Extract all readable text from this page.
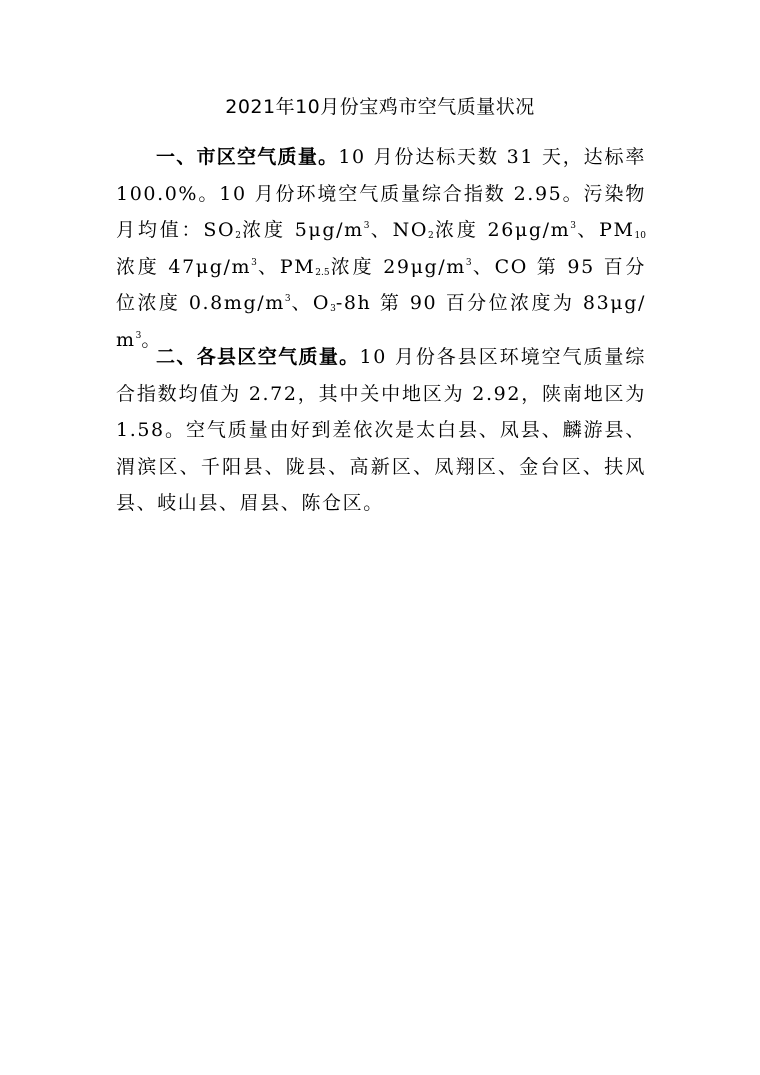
2021年10月份宝鸡市空气质量状况

一、市区空气质量。10 月份达标天数 31 天，达标率100.0%。10 月份环境空气质量综合指数 2.95。污染物月均值：$SO_2$浓度 $5\mu g/m^3$、$NO_2$浓度 $26\mu g/m^3$、$PM_{10}$浓度 $47\mu g/m^3$、$PM_{2.5}$浓度 $29\mu g/m^3$、CO 第 95 百分位浓度 $0.8mg/m^3$、$O_3-8h$ 第 90 百分位浓度为 $83\mu g/m^3$。

二、各县区空气质量。10 月份各县区环境空气质量综合指数均值为 2.72，其中关中地区为 2.92，陕南地区为1.58。空气质量由好到差依次是太白县、凤县、麟游县、渭滨区、千阳县、陇县、高新区、凤翔区、金台区、扶风县、岐山县、眉县、陈仓区。
